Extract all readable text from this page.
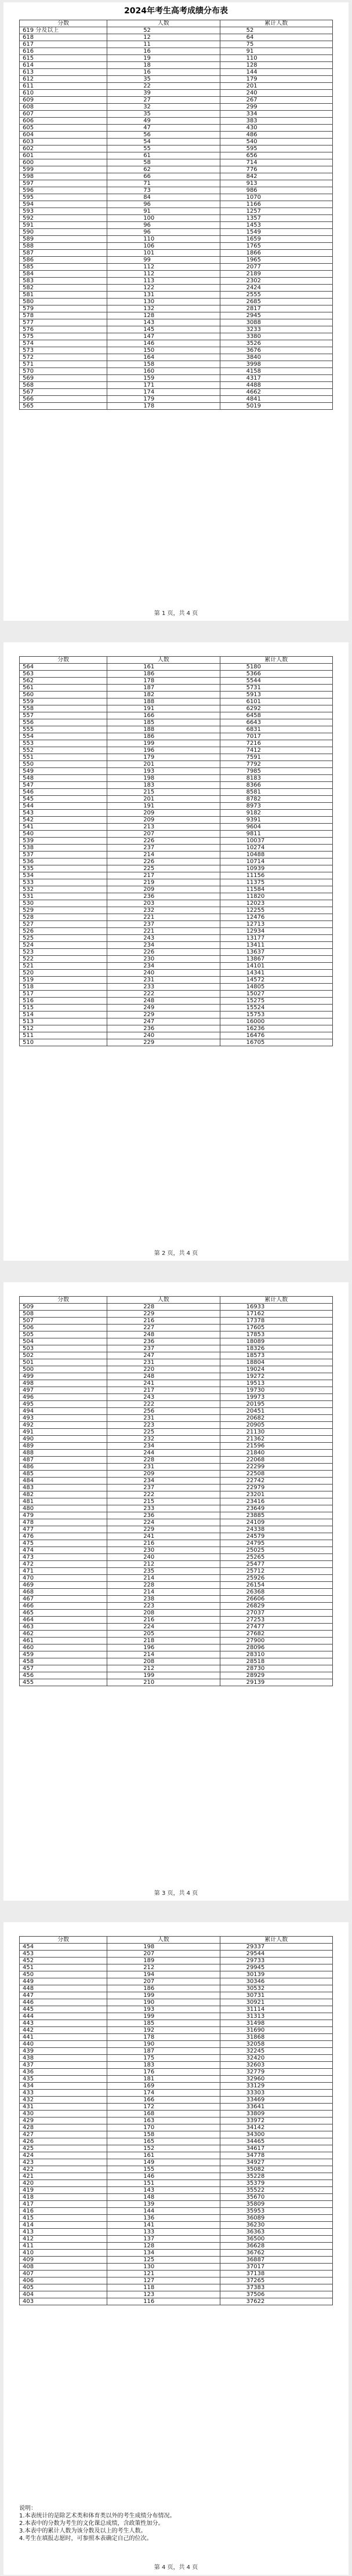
2024年考生高考成绩分布表
分数	人数	累计人数
619 分及以上	52	52
618	12	64
617	11	75
616	16	91
615	19	110
614	18	128
613	16	144
612	35	179
611	22	201
610	39	240
609	27	267
608	32	299
607	35	334
606	49	383
605	47	430
604	56	486
603	54	540
602	55	595
601	61	656
600	58	714
599	62	776
598	66	842
597	71	913
596	73	986
595	84	1070
594	96	1166
593	91	1257
592	100	1357
591	96	1453
590	96	1549
589	110	1659
588	106	1765
587	101	1866
586	99	1965
585	112	2077
584	112	2189
583	113	2302
582	122	2424
581	131	2555
580	130	2685
579	132	2817
578	128	2945
577	143	3088
576	145	3233
575	147	3380
574	146	3526
573	150	3676
572	164	3840
571	158	3998
570	160	4158
569	159	4317
568	171	4488
567	174	4662
566	179	4841
565	178	5019
第 1 页，共 4 页
分数	人数	累计人数
564	161	5180
563	186	5366
562	178	5544
561	187	5731
560	182	5913
559	188	6101
558	191	6292
557	166	6458
556	185	6643
555	188	6831
554	186	7017
553	199	7216
552	196	7412
551	179	7591
550	201	7792
549	193	7985
548	198	8183
547	183	8366
546	215	8581
545	201	8782
544	191	8973
543	209	9182
542	209	9391
541	213	9604
540	207	9811
539	226	10037
538	237	10274
537	214	10488
536	226	10714
535	225	10939
534	217	11156
533	219	11375
532	209	11584
531	236	11820
530	203	12023
529	232	12255
528	221	12476
527	237	12713
526	221	12934
525	243	13177
524	234	13411
523	226	13637
522	230	13867
521	234	14101
520	240	14341
519	231	14572
518	233	14805
517	222	15027
516	248	15275
515	249	15524
514	229	15753
513	247	16000
512	236	16236
511	240	16476
510	229	16705
第 2 页，共 4 页
分数	人数	累计人数
509	228	16933
508	229	17162
507	216	17378
506	227	17605
505	248	17853
504	236	18089
503	237	18326
502	247	18573
501	231	18804
500	220	19024
499	248	19272
498	241	19513
497	217	19730
496	243	19973
495	222	20195
494	256	20451
493	231	20682
492	223	20905
491	225	21130
490	232	21362
489	234	21596
488	244	21840
487	228	22068
486	231	22299
485	209	22508
484	234	22742
483	237	22979
482	222	23201
481	215	23416
480	233	23649
479	236	23885
478	224	24109
477	229	24338
476	241	24579
475	216	24795
474	230	25025
473	240	25265
472	212	25477
471	235	25712
470	214	25926
469	228	26154
468	214	26368
467	238	26606
466	223	26829
465	208	27037
464	216	27253
463	224	27477
462	205	27682
461	218	27900
460	196	28096
459	214	28310
458	208	28518
457	212	28730
456	199	28929
455	210	29139
第 3 页，共 4 页
分数	人数	累计人数
454	198	29337
453	207	29544
452	189	29733
451	212	29945
450	194	30139
449	207	30346
448	186	30532
447	199	30731
446	190	30921
445	193	31114
444	199	31313
443	185	31498
442	192	31690
441	178	31868
440	190	32058
439	187	32245
438	175	32420
437	183	32603
436	176	32779
435	181	32960
434	169	33129
433	174	33303
432	166	33469
431	172	33641
430	168	33809
429	163	33972
428	170	34142
427	158	34300
426	165	34465
425	152	34617
424	161	34778
423	149	34927
422	155	35082
421	146	35228
420	151	35379
419	143	35522
418	148	35670
417	139	35809
416	144	35953
415	136	36089
414	141	36230
413	133	36363
412	137	36500
411	128	36628
410	134	36762
409	125	36887
408	130	37017
407	121	37138
406	127	37265
405	118	37383
404	123	37506
403	116	37622
说明：
1.本表统计的是除艺术类和体育类以外的考生成绩分布情况。
2.本表中的分数为考生的文化课总成绩，含政策性加分。
3.本表中的累计人数为该分数及以上的考生人数。
4.考生在填报志愿时，可参照本表确定自己的位次。
第 4 页，共 4 页
